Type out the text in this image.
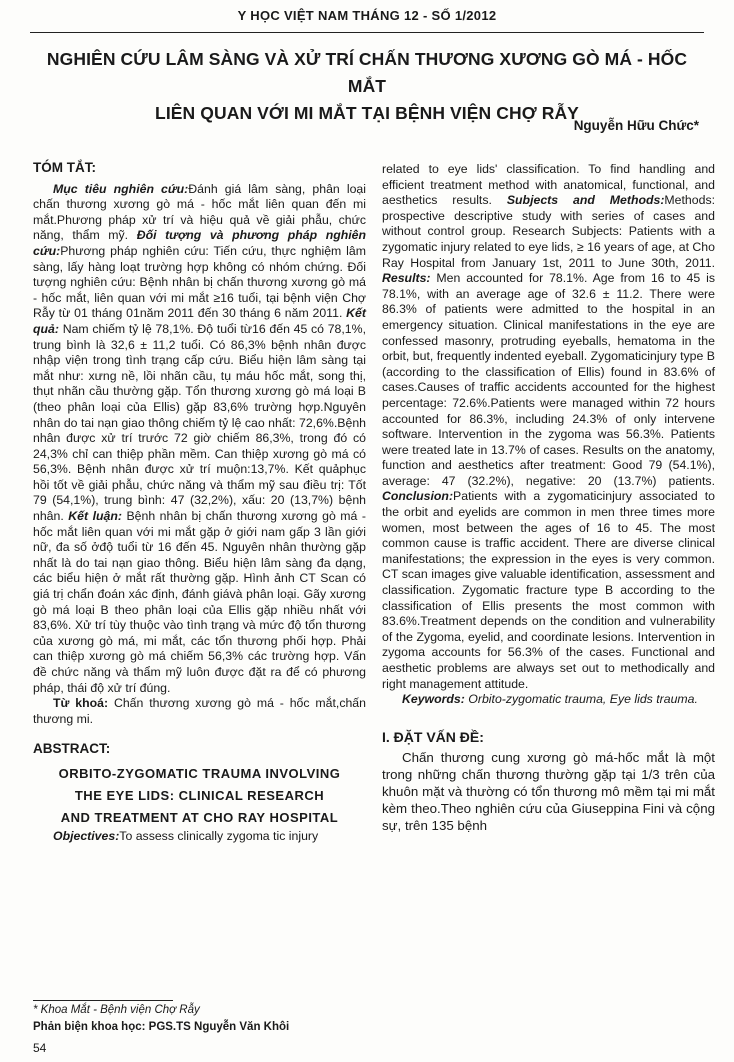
Y HỌC VIỆT NAM THÁNG 12 - SỐ 1/2012
NGHIÊN CỨU LÂM SÀNG VÀ XỬ TRÍ CHẤN THƯƠNG XƯƠNG GÒ MÁ - HỐC MẮT
LIÊN QUAN VỚI MI MẮT TẠI BỆNH VIỆN CHỢ RẪY
Nguyễn Hữu Chức*

TÓM TẮT:

Mục tiêu nghiên cứu:Đánh giá lâm sàng, phân loại chấn thương xương gò má - hốc mắt liên quan đến mi mắt.Phương pháp xử trí và hiệu quả về giải phẫu, chức năng, thẩm mỹ. Đối tượng và phương pháp nghiên cứu:Phương pháp nghiên cứu: Tiến cứu, thực nghiệm lâm sàng, lấy hàng loạt trường hợp không có nhóm chứng. Đối tượng nghiên cứu: Bệnh nhân bị chấn thương xương gò má - hốc mắt, liên quan với mi mắt ≥16 tuổi, tại bệnh viện Chợ Rẫy từ 01 tháng 01năm 2011 đến 30 tháng 6 năm 2011. Kết quả: Nam chiếm tỷ lệ 78,1%. Độ tuổi từ16 đến 45 có 78,1%, trung bình là 32,6 ± 11,2 tuổi. Có 86,3% bệnh nhân được nhập viện trong tình trạng cấp cứu. Biểu hiện lâm sàng tại mắt như: xưng nề, lồi nhãn cầu, tụ máu hốc mắt, song thị, thụt nhãn cầu thường gặp. Tổn thương xương gò má loại B (theo phân loại của Ellis) gặp 83,6% trường hợp.Nguyên nhân do tai nạn giao thông chiếm tỷ lệ cao nhất: 72,6%.Bệnh nhân được xử trí trước 72 giờ chiếm 86,3%, trong đó có 24,3% chỉ can thiệp phần mềm. Can thiệp xương gò má có 56,3%. Bệnh nhân được xử trí muộn:13,7%. Kết quảphục hồi tốt về giải phẫu, chức năng và thẩm mỹ sau điều trị: Tốt 79 (54,1%), trung bình: 47 (32,2%), xấu: 20 (13,7%) bệnh nhân. Kết luận: Bệnh nhân bị chấn thương xương gò má - hốc mắt liên quan với mi mắt gặp ở giới nam gấp 3 lần giới nữ, đa số ởđộ tuổi từ 16 đến 45. Nguyên nhân thường gặp nhất là do tai nạn giao thông. Biểu hiện lâm sàng đa dạng, các biểu hiện ở mắt rất thường gặp. Hình ảnh CT Scan có giá trị chẩn đoán xác định, đánh giávà phân loại. Gãy xương gò má loại B theo phân loại của Ellis gặp nhiều nhất với 83,6%. Xử trí tùy thuộc vào tình trạng và mức độ tổn thương của xương gò má, mi mắt, các tổn thương phối hợp. Phải can thiệp xương gò má chiếm 56,3% các trường hợp. Vấn đề chức năng và thẩm mỹ luôn được đặt ra để có phương pháp, thái độ xử trí đúng.

Từ khoá: Chấn thương xương gò má - hốc mắt,chấn thương mi.

ABSTRACT:

ORBITO-ZYGOMATIC TRAUMA INVOLVING
THE EYE LIDS: CLINICAL RESEARCH
AND TREATMENT AT CHO RAY HOSPITAL

Objectives:To assess clinically zygoma tic injury

related to eye lids' classification. To find handling and efficient treatment method with anatomical, functional, and aesthetics results. Subjects and Methods:Methods: prospective descriptive study with series of cases and without control group. Research Subjects: Patients with a zygomatic injury related to eye lids, ≥ 16 years of age, at Cho Ray Hospital from January 1st, 2011 to June 30th, 2011. Results: Men accounted for 78.1%. Age from 16 to 45 is 78.1%, with an average age of 32.6 ± 11.2. There were 86.3% of patients were admitted to the hospital in an emergency situation. Clinical manifestations in the eye are confessed masonry, protruding eyeballs, hematoma in the orbit, but, frequently indented eyeball. Zygomaticinjury type B (according to the classification of Ellis) found in 83.6% of cases.Causes of traffic accidents accounted for the highest percentage: 72.6%.Patients were managed within 72 hours accounted for 86.3%, including 24.3% of only intervene software. Intervention in the zygoma was 56.3%. Patients were treated late in 13.7% of cases. Results on the anatomy, function and aesthetics after treatment: Good 79 (54.1%), average: 47 (32.2%), negative: 20 (13.7%) patients. Conclusion:Patients with a zygomaticinjury associated to the orbit and eyelids are common in men three times more women, most between the ages of 16 to 45. The most common cause is traffic accident. There are diverse clinical manifestations; the expression in the eyes is very common. CT scan images give valuable identification, assessment and classification. Zygomatic fracture type B according to the classification of Ellis presents the most common with 83.6%.Treatment depends on the condition and vulnerability of the Zygoma, eyelid, and coordinate lesions. Intervention in zygoma accounts for 56.3% of the cases. Functional and aesthetic problems are always set out to methodically and right management attitude.

Keywords: Orbito-zygomatic trauma, Eye lids trauma.

I. ĐẶT VẤN ĐỀ:

Chấn thương cung xương gò má-hốc mắt là một trong những chấn thương thường gặp tại 1/3 trên của khuôn mặt và thường có tổn thương mô mềm tại mi mắt kèm theo.Theo nghiên cứu của Giuseppina Fini và cộng sự, trên 135 bệnh

* Khoa Mắt - Bệnh viện Chợ Rẫy
Phản biện khoa học: PGS.TS Nguyễn Văn Khôi
54
